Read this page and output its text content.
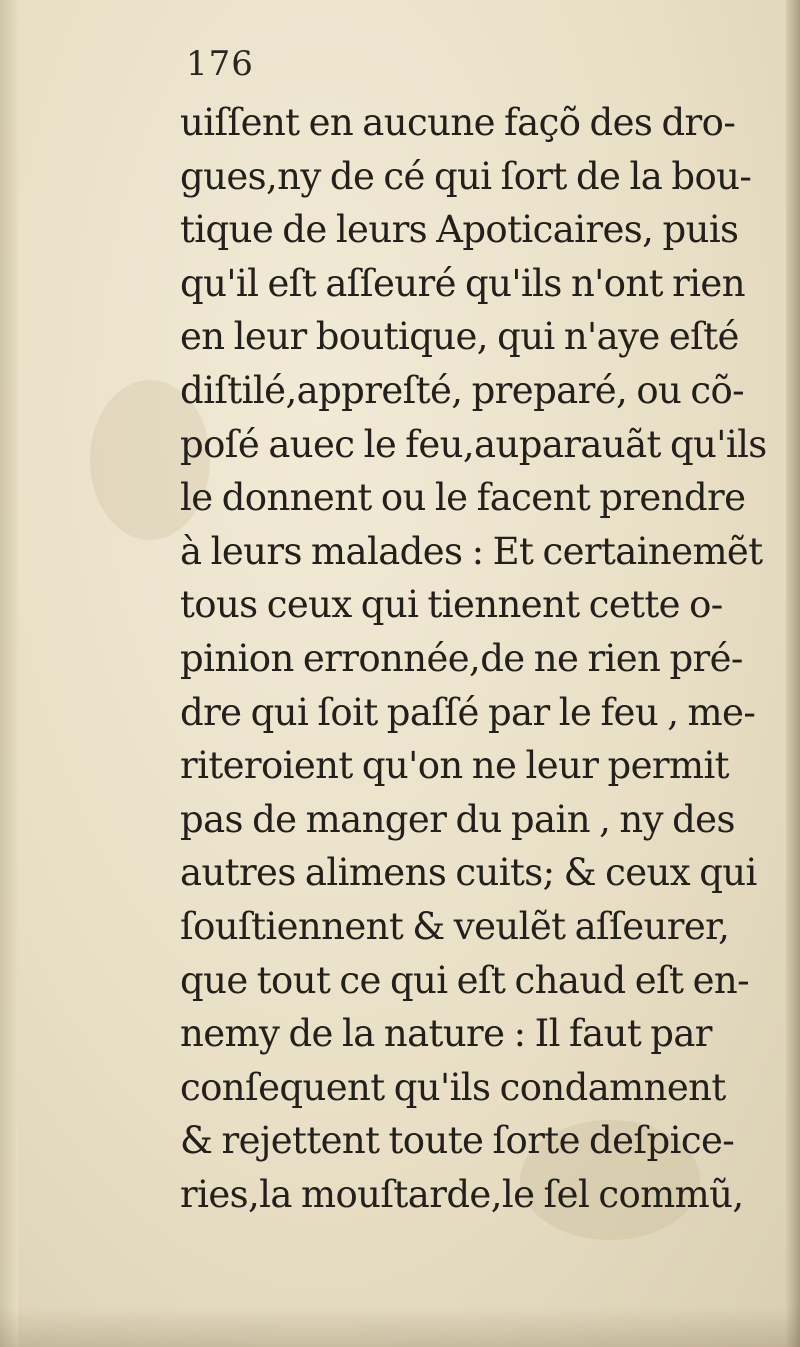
176

uiſſent en aucune façõ des dro-
gues,ny de cé qui ſort de la bou-
tique de leurs Apoticaires, puis
qu'il eſt aſſeuré qu'ils n'ont rien
en leur boutique, qui n'aye eſté
diſtilé,appreſté, preparé, ou cõ-
poſé auec le feu,auparauãt qu'ils
le donnent ou le facent prendre
à leurs malades : Et certainemẽt
tous ceux qui tiennent cette o-
pinion erronnée,de ne rien pré-
dre qui ſoit paſſé par le feu , me-
riteroient qu'on ne leur permit
pas de manger du pain , ny des
autres alimens cuits; & ceux qui
ſouſtiennent & veulẽt aſſeurer,
que tout ce qui eſt chaud eſt en-
nemy de la nature : Il faut par
conſequent qu'ils condamnent
& rejettent toute ſorte deſpice-
ries,la mouſtarde,le ſel commũ,
